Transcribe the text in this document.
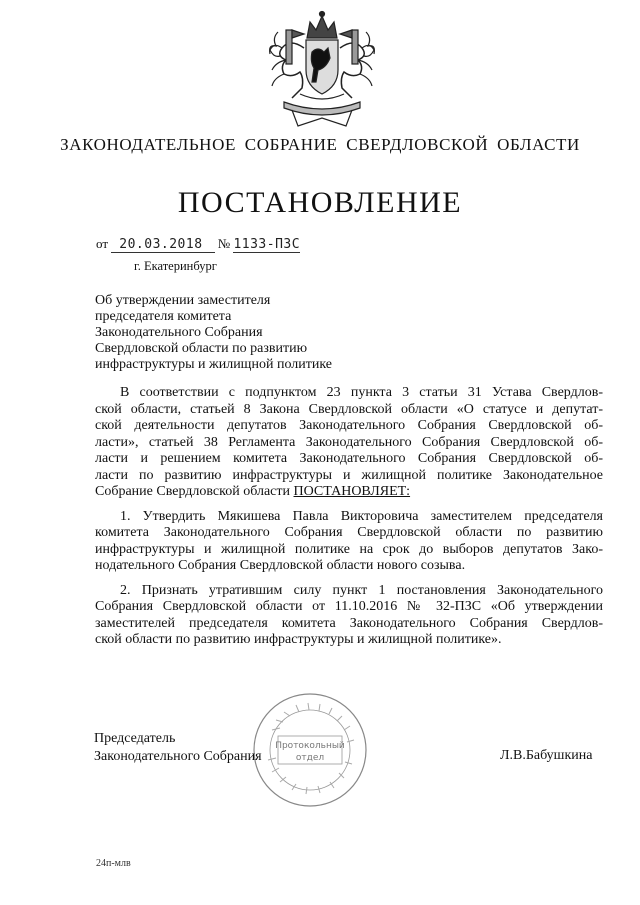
ЗАКОНОДАТЕЛЬНОЕ СОБРАНИЕ СВЕРДЛОВСКОЙ ОБЛАСТИ
ПОСТАНОВЛЕНИЕ
от 20.03.2018 № 1133-ПЗС
г. Екатеринбург
Об утверждении заместителя
председателя комитета
Законодательного Собрания
Свердловской области по развитию
инфраструктуры и жилищной политике
В соответствии с подпунктом 23 пункта 3 статьи 31 Устава Свердлов-
ской области, статьей 8 Закона Свердловской области «О статусе и депутат-
ской деятельности депутатов Законодательного Собрания Свердловской об-
ласти», статьей 38 Регламента Законодательного Собрания Свердловской об-
ласти и решением комитета Законодательного Собрания Свердловской об-
ласти по развитию инфраструктуры и жилищной политике Законодательное
Собрание Свердловской области ПОСТАНОВЛЯЕТ:
1. Утвердить Мякишева Павла Викторовича заместителем председателя
комитета Законодательного Собрания Свердловской области по развитию
инфраструктуры и жилищной политике на срок до выборов депутатов Зако-
нодательного Собрания Свердловской области нового созыва.
2. Признать утратившим силу пункт 1 постановления Законодательного
Собрания Свердловской области от 11.10.2016 № 32-ПЗС «Об утверждении
заместителей председателя комитета Законодательного Собрания Свердлов-
ской области по развитию инфраструктуры и жилищной политике».
Протокольный
отдел
Председатель
Законодательного Собрания	Л.В.Бабушкина
24п-млв
